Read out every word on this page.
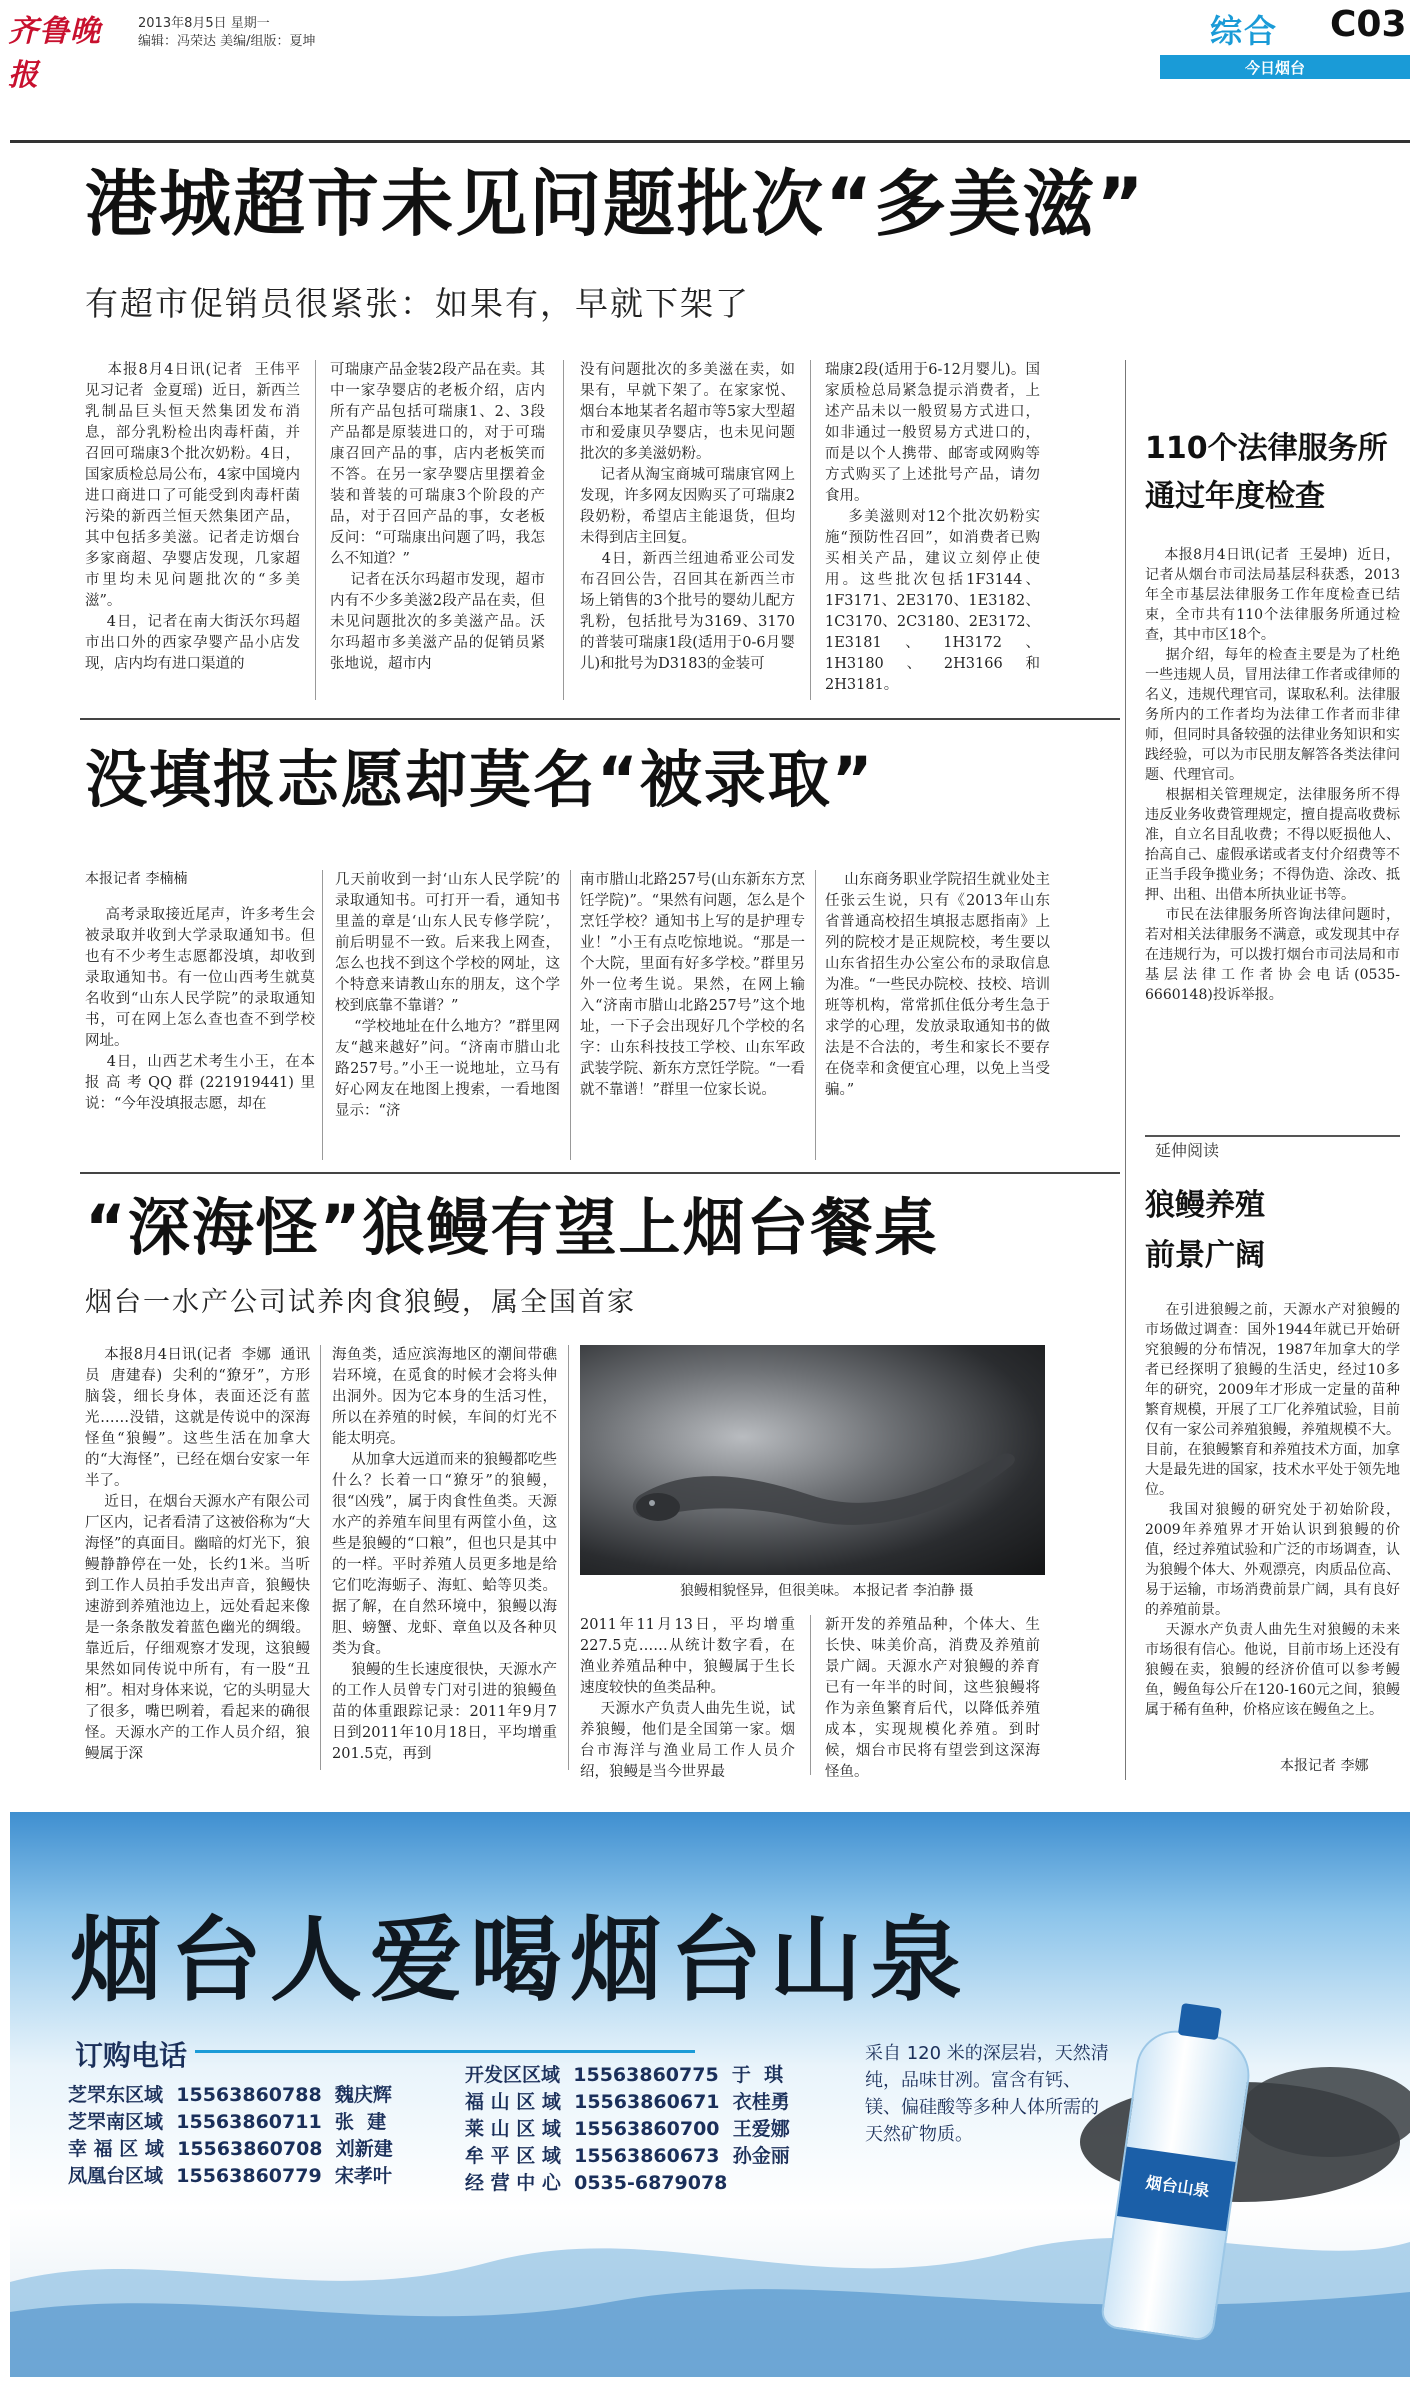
齐鲁晚报
2013年8月5日 星期一
编辑：冯荣达 美编/组版：夏坤	综合 C03
今日烟台
港城超市未见问题批次“多美滋”
有超市促销员很紧张：如果有，早就下架了
本报8月4日讯(记者  王伟平  见习记者  金夏瑶)  近日，新西兰乳制品巨头恒天然集团发布消息，部分乳粉检出肉毒杆菌，并召回可瑞康3个批次奶粉。4日，国家质检总局公布，4家中国境内进口商进口了可能受到肉毒杆菌污染的新西兰恒天然集团产品，其中包括多美滋。记者走访烟台多家商超、孕婴店发现，几家超市里均未见问题批次的“多美滋”。
4日，记者在南大街沃尔玛超市出口外的西家孕婴产品小店发现，店内均有进口渠道的
可瑞康产品金装2段产品在卖。其中一家孕婴店的老板介绍，店内所有产品包括可瑞康1、2、3段产品都是原装进口的，对于可瑞康召回产品的事，店内老板笑而不答。在另一家孕婴店里摆着金装和普装的可瑞康3个阶段的产品，对于召回产品的事，女老板反问：“可瑞康出问题了吗，我怎么不知道？”
记者在沃尔玛超市发现，超市内有不少多美滋2段产品在卖，但未见问题批次的多美滋产品。沃尔玛超市多美滋产品的促销员紧张地说，超市内
没有问题批次的多美滋在卖，如果有，早就下架了。在家家悦、烟台本地某者名超市等5家大型超市和爱康贝孕婴店，也未见问题批次的多美滋奶粉。
记者从淘宝商城可瑞康官网上发现，许多网友因购买了可瑞康2段奶粉，希望店主能退货，但均未得到店主回复。
4日，新西兰纽迪希亚公司发布召回公告，召回其在新西兰市场上销售的3个批号的婴幼儿配方乳粉，包括批号为3169、3170的普装可瑞康1段(适用于0-6月婴儿)和批号为D3183的金装可
瑞康2段(适用于6-12月婴儿)。国家质检总局紧急提示消费者，上述产品未以一般贸易方式进口，如非通过一般贸易方式进口的，而是以个人携带、邮寄或网购等方式购买了上述批号产品，请勿食用。
多美滋则对12个批次奶粉实施“预防性召回”，如消费者已购买相关产品，建议立刻停止使用。这些批次包括1F3144、1F3171、2E3170、1E3182、1C3170、2C3180、2E3172、1E3181、1H3172、1H3180、2H3166和2H3181。
没填报志愿却莫名“被录取”
本报记者 李楠楠
高考录取接近尾声，许多考生会被录取并收到大学录取通知书。但也有不少考生志愿都没填，却收到录取通知书。有一位山西考生就莫名收到“山东人民学院”的录取通知书，可在网上怎么查也查不到学校网址。
4日，山西艺术考生小王，在本报高考QQ群(221919441)里说：“今年没填报志愿，却在
几天前收到一封‘山东人民学院’的录取通知书。可打开一看，通知书里盖的章是‘山东人民专修学院’，前后明显不一致。后来我上网查，怎么也找不到这个学校的网址，这个特意来请教山东的朋友，这个学校到底靠不靠谱？”
“学校地址在什么地方？”群里网友“越来越好”问。“济南市腊山北路257号。”小王一说地址，立马有好心网友在地图上搜索，一看地图显示：“济
南市腊山北路257号(山东新东方烹饪学院)”。“果然有问题，怎么是个烹饪学校？通知书上写的是护理专业！”小王有点吃惊地说。“那是一个大院，里面有好多学校。”群里另外一位考生说。果然，在网上输入“济南市腊山北路257号”这个地址，一下子会出现好几个学校的名字：山东科技技工学校、山东军政武装学院、新东方烹饪学院。“一看就不靠谱！”群里一位家长说。
山东商务职业学院招生就业处主任张云生说，只有《2013年山东省普通高校招生填报志愿指南》上列的院校才是正规院校，考生要以山东省招生办公室公布的录取信息为准。“一些民办院校、技校、培训班等机构，常常抓住低分考生急于求学的心理，发放录取通知书的做法是不合法的，考生和家长不要存在侥幸和贪便宜心理，以免上当受骗。”
“深海怪”狼鳗有望上烟台餐桌
烟台一水产公司试养肉食狼鳗，属全国首家
本报8月4日讯(记者  李娜  通讯员  唐建春)  尖利的“獠牙”，方形脑袋，细长身体，表面还泛有蓝光……没错，这就是传说中的深海怪鱼“狼鳗”。这些生活在加拿大的“大海怪”，已经在烟台安家一年半了。
近日，在烟台天源水产有限公司厂区内，记者看清了这被俗称为“大海怪”的真面目。幽暗的灯光下，狼鳗静静停在一处，长约1米。当听到工作人员拍手发出声音，狼鳗快速游到养殖池边上，远处看起来像是一条条散发着蓝色幽光的绸缎。靠近后，仔细观察才发现，这狼鳗果然如同传说中所有，有一股“丑相”。相对身体来说，它的头明显大了很多，嘴巴咧着，看起来的确很怪。天源水产的工作人员介绍，狼鳗属于深
海鱼类，适应滨海地区的潮间带礁岩环境，在觅食的时候才会将头伸出洞外。因为它本身的生活习性，所以在养殖的时候，车间的灯光不能太明亮。
从加拿大远道而来的狼鳗都吃些什么？长着一口“獠牙”的狼鳗，很“凶残”，属于肉食性鱼类。天源水产的养殖车间里有两筐小鱼，这些是狼鳗的“口粮”，但也只是其中的一样。平时养殖人员更多地是给它们吃海蛎子、海虹、蛤等贝类。据了解，在自然环境中，狼鳗以海胆、螃蟹、龙虾、章鱼以及各种贝类为食。
狼鳗的生长速度很快，天源水产的工作人员曾专门对引进的狼鳗鱼苗的体重跟踪记录：2011年9月7日到2011年10月18日，平均增重201.5克，再到
狼鳗相貌怪异，但很美味。 本报记者 李泊静 摄
2011年11月13日，平均增重227.5克……从统计数字看，在渔业养殖品种中，狼鳗属于生长速度较快的鱼类品种。
天源水产负责人曲先生说，试养狼鳗，他们是全国第一家。烟台市海洋与渔业局工作人员介绍，狼鳗是当今世界最
新开发的养殖品种，个体大、生长快、味美价高，消费及养殖前景广阔。天源水产对狼鳗的养育已有一年半的时间，这些狼鳗将作为亲鱼繁育后代，以降低养殖成本，实现规模化养殖。到时候，烟台市民将有望尝到这深海怪鱼。
110个法律服务所
通过年度检查
本报8月4日讯(记者  王晏坤)  近日，记者从烟台市司法局基层科获悉，2013年全市基层法律服务工作年度检查已结束，全市共有110个法律服务所通过检查，其中市区18个。
据介绍，每年的检查主要是为了杜绝一些违规人员，冒用法律工作者或律师的名义，违规代理官司，谋取私利。法律服务所内的工作者均为法律工作者而非律师，但同时具备较强的法律业务知识和实践经验，可以为市民朋友解答各类法律问题、代理官司。
根据相关管理规定，法律服务所不得违反业务收费管理规定，擅自提高收费标准，自立名目乱收费；不得以贬损他人、抬高自己、虚假承诺或者支付介绍费等不正当手段争揽业务；不得伪造、涂改、抵押、出租、出借本所执业证书等。
市民在法律服务所咨询法律问题时，若对相关法律服务不满意，或发现其中存在违规行为，可以拨打烟台市司法局和市基层法律工作者协会电话(0535-6660148)投诉举报。
延伸阅读
狼鳗养殖
前景广阔
在引进狼鳗之前，天源水产对狼鳗的市场做过调查：国外1944年就已开始研究狼鳗的分布情况，1987年加拿大的学者已经探明了狼鳗的生活史，经过10多年的研究，2009年才形成一定量的苗种繁育规模，开展了工厂化养殖试验，目前仅有一家公司养殖狼鳗，养殖规模不大。目前，在狼鳗繁育和养殖技术方面，加拿大是最先进的国家，技术水平处于领先地位。
我国对狼鳗的研究处于初始阶段，2009年养殖界才开始认识到狼鳗的价值，经过养殖试验和广泛的市场调查，认为狼鳗个体大、外观漂亮，肉质品位高、易于运输，市场消费前景广阔，具有良好的养殖前景。
天源水产负责人曲先生对狼鳗的未来市场很有信心。他说，目前市场上还没有狼鳗在卖，狼鳗的经济价值可以参考鳗鱼，鳗鱼每公斤在120-160元之间，狼鳗属于稀有鱼种，价格应该在鳗鱼之上。
本报记者 李娜
烟台山泉
烟台人爱喝烟台山泉
订购电话
芝罘东区域 15563860788 魏庆辉
芝罘南区域 15563860711 张  建
幸 福 区 域 15563860708 刘新建
凤凰台区域 15563860779 宋孝叶
开发区区域 15563860775 于  琪
福 山 区 域 15563860671 衣桂勇
莱 山 区 域 15563860700 王爱娜
牟 平 区 域 15563860673 孙金丽
经 营 中 心 0535-6879078
采自 120 米的深层岩，天然清纯，品味甘冽。富含有钙、镁、偏硅酸等多种人体所需的天然矿物质。
